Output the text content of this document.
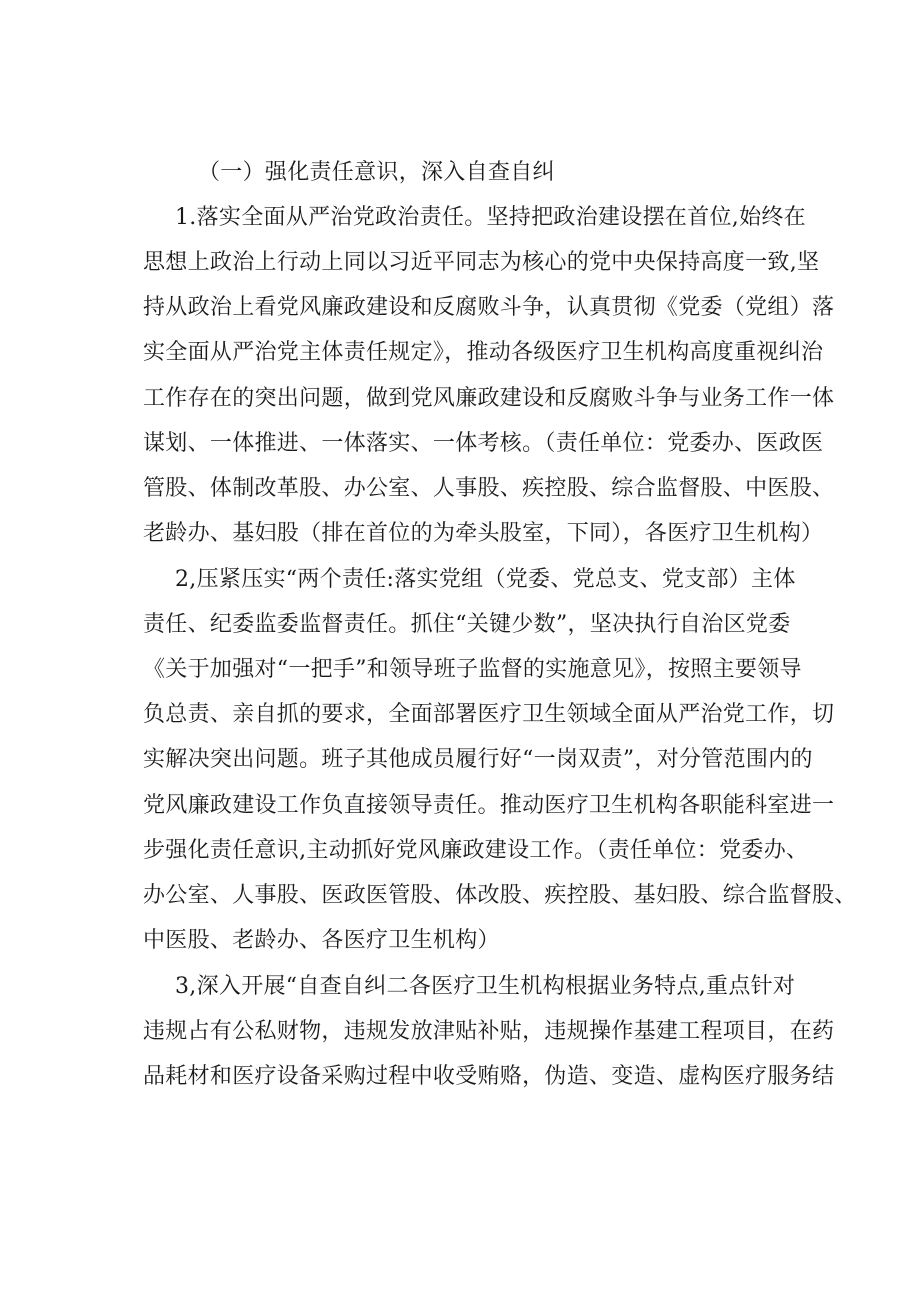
（一）强化责任意识，深入自查自纠
1.落实全面从严治党政治责任。坚持把政治建设摆在首位,始终在
思想上政治上行动上同以习近平同志为核心的党中央保持高度一致,坚
持从政治上看党风廉政建设和反腐败斗争，认真贯彻《党委（党组）落
实全面从严治党主体责任规定》，推动各级医疗卫生机构高度重视纠治
工作存在的突出问题，做到党风廉政建设和反腐败斗争与业务工作一体
谋划、一体推进、一体落实、一体考核。（责任单位：党委办、医政医
管股、体制改革股、办公室、人事股、疾控股、综合监督股、中医股、
老龄办、基妇股（排在首位的为牵头股室，下同），各医疗卫生机构）
2,压紧压实“两个责任:落实党组（党委、党总支、党支部）主体
责任、纪委监委监督责任。抓住“关键少数”，坚决执行自治区党委
《关于加强对“一把手”和领导班子监督的实施意见》，按照主要领导
负总责、亲自抓的要求，全面部署医疗卫生领域全面从严治党工作，切
实解决突出问题。班子其他成员履行好“一岗双责”，对分管范围内的
党风廉政建设工作负直接领导责任。推动医疗卫生机构各职能科室进一
步强化责任意识,主动抓好党风廉政建设工作。（责任单位：党委办、
办公室、人事股、医政医管股、体改股、疾控股、基妇股、综合监督股、
中医股、老龄办、各医疗卫生机构）
3,深入开展“自查自纠二各医疗卫生机构根据业务特点,重点针对
违规占有公私财物，违规发放津贴补贴，违规操作基建工程项目，在药
品耗材和医疗设备采购过程中收受贿赂，伪造、变造、虚构医疗服务结
